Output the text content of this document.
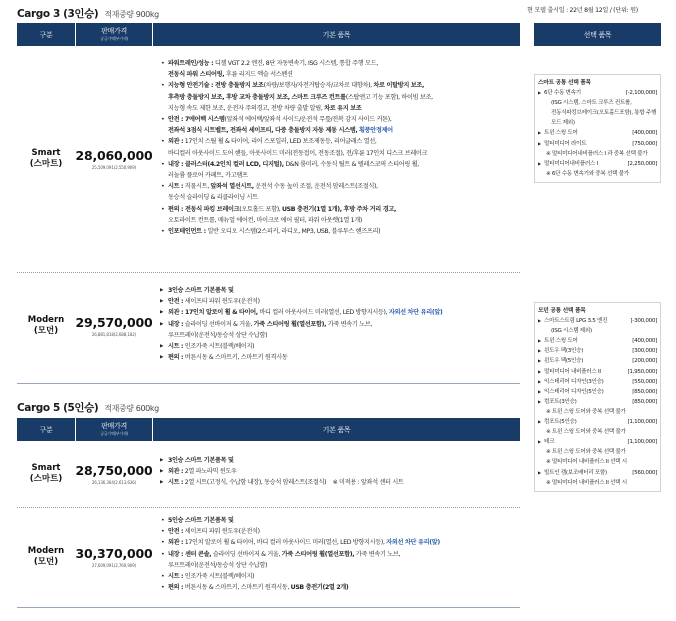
현 모델 출시일 : 22년 8월 12일 / (단위: 원)
Cargo 3 (3인승) 적재중량 900kg
구분	판매가격
공급가액(부가세)	기본 품목
Smart
(스마트)
28,060,000
25,509,091(2,550,909)
• 파워트레인/성능 : 디젤 VGT 2.2 엔진, 8단 자동변속기, ISG 시스템, 통합 주행 모드,
전동식 파워 스티어링, 후륜 리지드 액슬 서스펜션
• 지능형 안전기술 : 전방 충돌방지 보조(차량/보행자/자전거탑승자/교차로 대향차), 차로 이탈방지 보조,
후측방 충돌방지 보조, 후방 교차 충돌방지 보조, 스마트 크루즈 컨트롤(스탑앤고 기능 포함), 하이빔 보조,
지능형 속도 제한 보조, 운전자 주의경고, 전방 차량 출발 알림, 차로 유지 보조
• 안전 : 7에어백 시스템(앞좌석 에어백/앞좌석 사이드/운전석 무릎/전복 감지 사이드 커튼),
전좌석 3점식 시트벨트, 전좌석 세이프티, 다중 충돌방지 자동 제동 시스템, 횡풍안정제어
• 외관 : 17인치 스틸 휠 & 타이어, 리어 스포일러, LED 보조제동등, 리어글래스 열선,
바디컬러 아웃사이드 도어 핸들, 아웃사이드 미러(전동접이, 전동조절), 전/후륜 17인치 디스크 브레이크
• 내장 : 클러스터(4.2인치 컬러 LCD, 디지털), D&N 룸미러, 수동식 틸트 & 텔레스코픽 스티어링 휠,
러놀륨 플로어 카페트, 카고램프
• 시트 : 직물시트, 앞좌석 열선시트, 운전석 수동 높이 조절, 운전석 암레스트(조절식),
동승석 슬라이딩 & 리클라이닝 시트
• 편의 : 전동식 파킹 브레이크(오토홀드 포함), USB 충전기(1열 1개), 후방 주차 거리 경고,
오토라이트 컨트롤, 매뉴얼 에어컨, 마이크로 에어 필터, 파워 아웃렛(1열 1개)
• 인포테인먼트 : 일반 오디오 시스템(2스피커, 라디오, MP3, USB, 블루투스 핸즈프리)
Modern
(모던)
29,570,000
26,881,818(2,688,182)
▶ 3인승 스마트 기본품목 및
▶ 안전 : 세이프티 파워 윈도우(운전석)
▶ 외관 : 17인치 알로이 휠 & 타이어, 바디 컬러 아웃사이드 미러(열선, LED 방향지시등), 자외선 차단 유리(앞)
▶ 내장 : 슬라이딩 선바이저 & 거울, 가죽 스티어링 휠(열선포함), 가죽 변속기 노브,
루프트레이(운전석/동승석 상단 수납함)
▶ 시트 : 인조가죽 시트(블랙/베이지)
▶ 편의 : 버튼시동 & 스마트키, 스마트키 원격시동
Cargo 5 (5인승) 적재중량 600kg
구분	판매가격
공급가액(부가세)	기본 품목
Smart
(스마트)
28,750,000
26,136,364(2,613,636)
▶ 3인승 스마트 기본품목 및
▶ 외관 : 2열 파노라믹 윈도우
▶ 시트 : 2열 시트(고정식, 수납함 내장), 동승석 암레스트(조절식)    ※ 미적용 : 앞좌석 센터 시트
Modern
(모던)
30,370,000
27,609,091(2,760,909)
• 5인승 스마트 기본품목 및
• 안전 : 세이프티 파워 윈도우(운전석)
• 외관 : 17인치 알로이 휠 & 타이어, 바디 컬러 아웃사이드 미러(열선, LED 방향지시등), 자외선 차단 유리(앞)
• 내장 : 센터 콘솔, 슬라이딩 선바이저 & 거울, 가죽 스티어링 휠(열선포함), 가죽 변속기 노브,
루프트레이(운전석/동승석 상단 수납함)
• 시트 : 인조가죽 시트(블랙/베이지)
• 편의 : 버튼시동 & 스마트키, 스마트키 원격시동, USB 충전기(2열 2개)
선택 품목
스마트 공통 선택 품목
▶ 6단 수동 변속기	[-2,100,000]
(ISG 시스템, 스마트 크루즈 컨트롤,
전동식파킹브레이크(오토홀드포함), 통합 주행 모드 제외)
▶ 트윈 스윙 도어	[400,000]
▶ 멀티미디어 라이트	[750,000]
※ 멀티미디어내비플러스 I 과 중복 선택 불가
▶ 멀티미디어내비플러스 I	[2,250,000]
※ 6단 수동 변속기와 중복 선택 불가
모던 공통 선택 품목
▶ 스마트스트림 LPG 3.5 엔진	[-300,000]
(ISG 시스템 제외)
▶ 트윈 스윙 도어	[400,000]
▶ 윈도우 팩(3인승)	[300,000]
▶ 윈도우 팩(5인승)	[200,000]
▶ 멀티미디어 내비플러스 II	[1,950,000]
▶ 익스테리어 디자인(3인승)	[550,000]
▶ 익스테리어 디자인(5인승)	[850,000]
▶ 컴포트(3인승)	[850,000]
※ 트윈 스윙 도어와 중복 선택 불가
▶ 컴포트(5인승)	[1,100,000]
※ 트윈 스윙 도어와 중복 선택 불가
▶ 테크	[1,100,000]
※ 트윈 스윙 도어와 중복 선택 불가
※ 멀티미디어 내비플러스 II 선택 시
▶ 빌트인 캠(보조배터리 포함)	[560,000]
※ 멀티미디어 내비플러스 II 선택 시
